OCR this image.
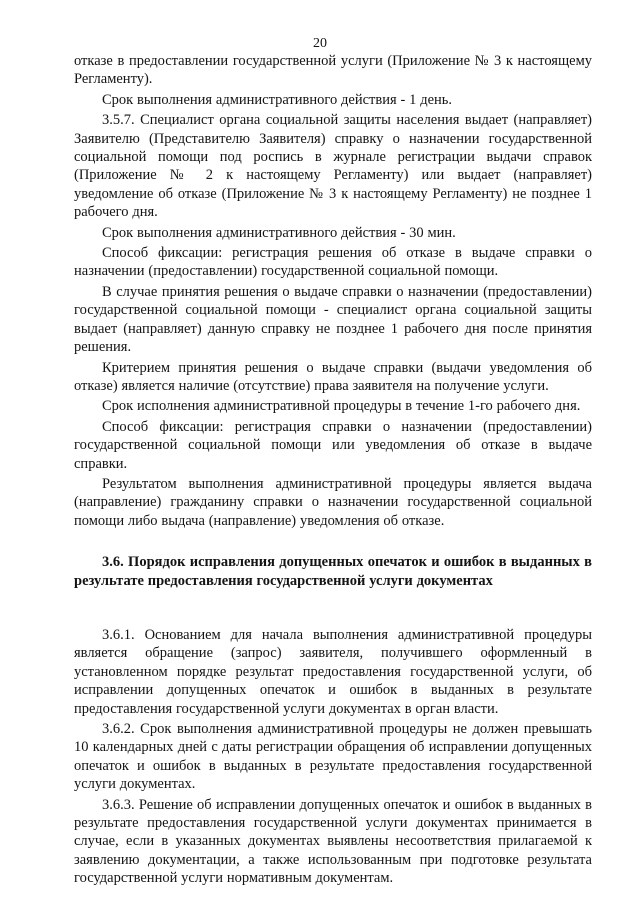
20

отказе в предоставлении государственной услуги (Приложение № 3 к настоящему Регламенту).

Срок выполнения административного действия - 1 день.

3.5.7. Специалист органа социальной защиты населения выдает (направляет) Заявителю (Представителю Заявителя) справку о назначении государственной социальной помощи под роспись в журнале регистрации выдачи справок (Приложение № 2 к настоящему Регламенту) или выдает (направляет) уведомление об отказе (Приложение № 3 к настоящему Регламенту) не позднее 1 рабочего дня.

Срок выполнения административного действия - 30 мин.

Способ фиксации: регистрация решения об отказе в выдаче справки о назначении (предоставлении) государственной социальной помощи.

В случае принятия решения о выдаче справки о назначении (предоставлении) государственной социальной помощи - специалист органа социальной защиты выдает (направляет) данную справку не позднее 1 рабочего дня после принятия решения.

Критерием принятия решения о выдаче справки (выдачи уведомления об отказе) является наличие (отсутствие) права заявителя на получение услуги.

Срок исполнения административной процедуры в течение 1-го рабочего дня.

Способ фиксации: регистрация справки о назначении (предоставлении) государственной социальной помощи или уведомления об отказе в выдаче справки.

Результатом выполнения административной процедуры является выдача (направление) гражданину справки о назначении государственной социальной помощи либо выдача (направление) уведомления об отказе.

3.6. Порядок исправления допущенных опечаток и ошибок в выданных в результате предоставления государственной услуги документах

3.6.1. Основанием для начала выполнения административной процедуры является обращение (запрос) заявителя, получившего оформленный в установленном порядке результат предоставления государственной услуги, об исправлении допущенных опечаток и ошибок в выданных в результате предоставления государственной услуги документах в орган власти.

3.6.2. Срок выполнения административной процедуры не должен превышать 10 календарных дней с даты регистрации обращения об исправлении допущенных опечаток и ошибок в выданных в результате предоставления государственной услуги документах.

3.6.3. Решение об исправлении допущенных опечаток и ошибок в выданных в результате предоставления государственной услуги документах принимается в случае, если в указанных документах выявлены несоответствия прилагаемой к заявлению документации, а также использованным при подготовке результата государственной услуги нормативным документам.
